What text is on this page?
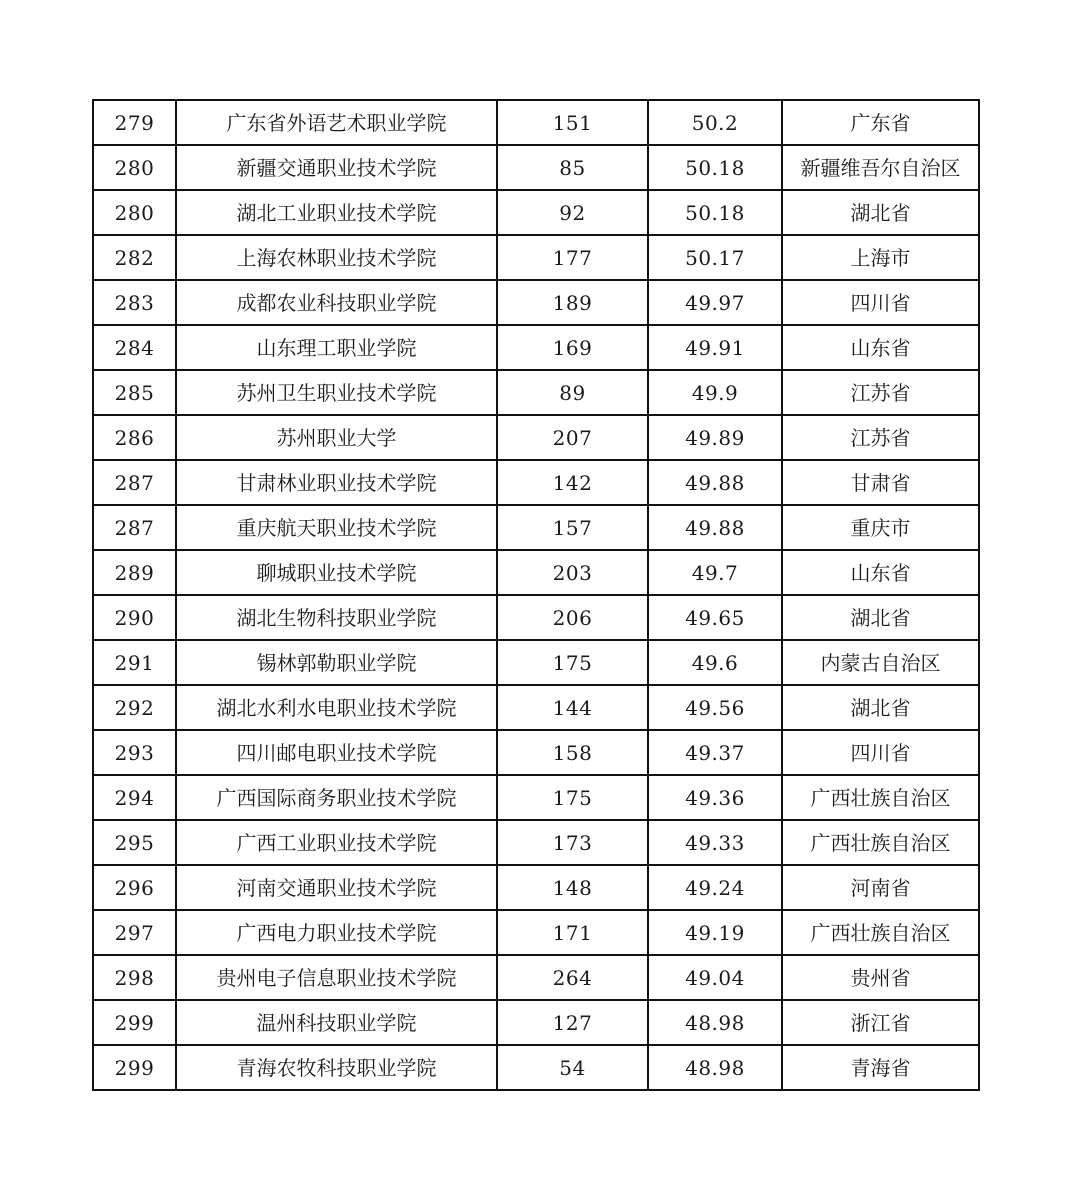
279	广东省外语艺术职业学院	151	50.2	广东省
280	新疆交通职业技术学院	85	50.18	新疆维吾尔自治区
280	湖北工业职业技术学院	92	50.18	湖北省
282	上海农林职业技术学院	177	50.17	上海市
283	成都农业科技职业学院	189	49.97	四川省
284	山东理工职业学院	169	49.91	山东省
285	苏州卫生职业技术学院	89	49.9	江苏省
286	苏州职业大学	207	49.89	江苏省
287	甘肃林业职业技术学院	142	49.88	甘肃省
287	重庆航天职业技术学院	157	49.88	重庆市
289	聊城职业技术学院	203	49.7	山东省
290	湖北生物科技职业学院	206	49.65	湖北省
291	锡林郭勒职业学院	175	49.6	内蒙古自治区
292	湖北水利水电职业技术学院	144	49.56	湖北省
293	四川邮电职业技术学院	158	49.37	四川省
294	广西国际商务职业技术学院	175	49.36	广西壮族自治区
295	广西工业职业技术学院	173	49.33	广西壮族自治区
296	河南交通职业技术学院	148	49.24	河南省
297	广西电力职业技术学院	171	49.19	广西壮族自治区
298	贵州电子信息职业技术学院	264	49.04	贵州省
299	温州科技职业学院	127	48.98	浙江省
299	青海农牧科技职业学院	54	48.98	青海省
